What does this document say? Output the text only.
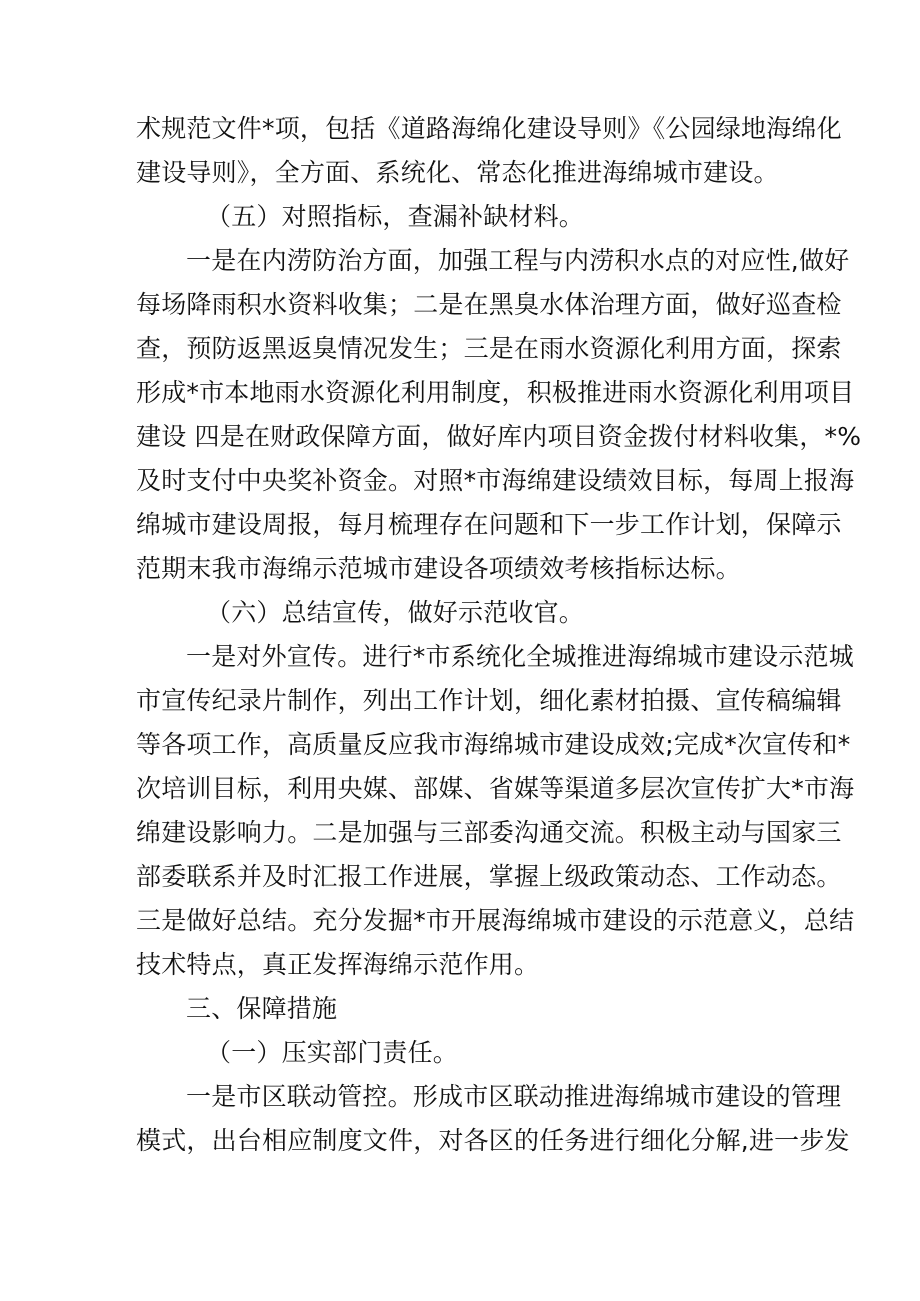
术规范文件*项，包括《道路海绵化建设导则》《公园绿地海绵化
建设导则》，全方面、系统化、常态化推进海绵城市建设。
（五）对照指标，查漏补缺材料。
一是在内涝防治方面，加强工程与内涝积水点的对应性,做好
每场降雨积水资料收集；二是在黑臭水体治理方面，做好巡查检
查，预防返黑返臭情况发生；三是在雨水资源化利用方面，探索
形成*市本地雨水资源化利用制度，积极推进雨水资源化利用项目
建设 四是在财政保障方面，做好库内项目资金拨付材料收集，*%
及时支付中央奖补资金。对照*市海绵建设绩效目标，每周上报海
绵城市建设周报，每月梳理存在问题和下一步工作计划，保障示
范期末我市海绵示范城市建设各项绩效考核指标达标。
（六）总结宣传，做好示范收官。
一是对外宣传。进行*市系统化全城推进海绵城市建设示范城
市宣传纪录片制作，列出工作计划，细化素材拍摄、宣传稿编辑
等各项工作，高质量反应我市海绵城市建设成效;完成*次宣传和*
次培训目标，利用央媒、部媒、省媒等渠道多层次宣传扩大*市海
绵建设影响力。二是加强与三部委沟通交流。积极主动与国家三
部委联系并及时汇报工作进展，掌握上级政策动态、工作动态。
三是做好总结。充分发掘*市开展海绵城市建设的示范意义，总结
技术特点，真正发挥海绵示范作用。
三、保障措施
（一）压实部门责任。
一是市区联动管控。形成市区联动推进海绵城市建设的管理
模式，出台相应制度文件，对各区的任务进行细化分解,进一步发
